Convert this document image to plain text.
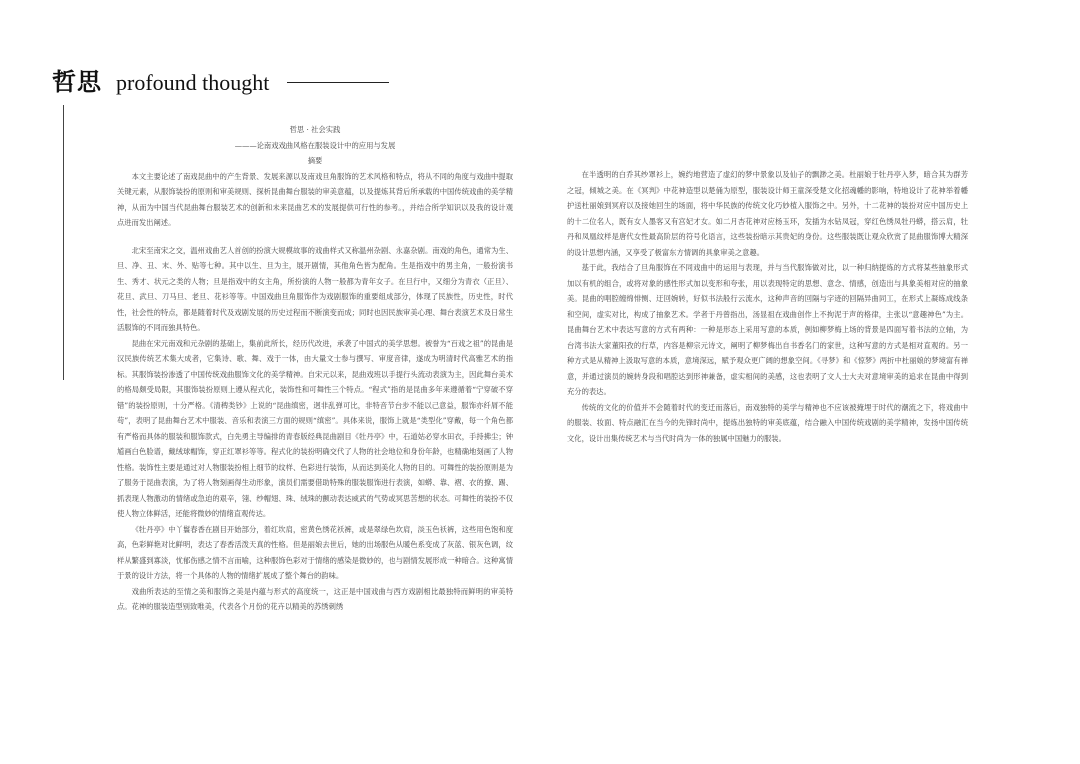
哲思 profound thought

哲思 · 社会实践

———论南戏戏曲风格在服装设计中的应用与发展

摘要

本文主要论述了南戏昆曲中的产生背景、发展来源以及南戏旦角服饰的艺术风格和特点，将从不同的角度与戏曲中提取关键元素，从服饰装扮的原则和审美规则、探析昆曲舞台服装的审美意蕴，以及提炼其背后所承载的中国传统戏曲的美学精神，从而为中国当代昆曲舞台服装艺术的创新和未来昆曲艺术的发展提供可行性的参考。，并结合所学知识以及我的设计观点进而发出阐述。

北宋至南宋之交，温州戏曲艺人首创的扮演大规模故事的戏曲样式又称温州杂剧、永嘉杂剧。南戏的角色，通常为生、旦、净、丑、末、外、贴等七种。其中以生、旦为主，展开剧情，其他角色皆为配角。生是指戏中的男主角，一般扮演书生、秀才、状元之类的人物；旦是指戏中的女主角，所扮演的人物一般都为青年女子。在旦行中，又细分为青衣（正旦）、花旦、武旦、刀马旦、老旦、花衫等等。中国戏曲旦角服饰作为戏剧服饰的重要组成部分，体现了民族性，历史性，时代性，社会性的特点，都是随着时代及戏剧发展的历史过程而不断演变而成；同时也因民族审美心理、舞台表演艺术及日常生活服饰的不同而独具特色。

昆曲在宋元南戏和元杂剧的基础上，集前此所长，经历代改进，承袭了中国式的美学思想。被誉为“百戏之祖”的昆曲是汉民族传统艺术集大成者，它集诗、歌、舞、戏于一体，由大量文士参与撰写、审度音律，遂成为明清时代高雅艺术的指标。其服饰装扮渗透了中国传统戏曲服饰文化的美学精神。自宋元以来，昆曲戏班以手提行头流动表演为主，因此舞台美术的格局颇受局限，其服饰装扮原则上遵从程式化，装饰性和可舞性三个特点。“程式”指的是昆曲多年来遵循着“宁穿破不穿错”的装扮原则，十分严格。《清稗类钞》上说的“昆曲缜密，迥非乱弹可比，非特音节台步不能以己意益，服饰亦纤屑不能苟”，表明了昆曲舞台艺术中服装、音乐和表演三方面的规则“缜密”。具体来说，服饰上就是“类型化”穿戴，每一个角色都有严格而具体的服装和服饰款式，白先勇主导编排的青春版经典昆曲剧目《牡丹亭》中，石道姑必穿水田衣，手持拂尘；钟馗画白色脸谱，戴绒球帽饰，穿正红罩衫等等。程式化的装扮明确交代了人物的社会地位和身份年龄，也精确地刻画了人物性格。装饰性主要是通过对人物服装扮相上细节的纹样、色彩进行装饰，从而达到美化人物的目的。可舞性的装扮原则是为了服务于昆曲表演，为了将人物刻画得生动形象，演员们需要借助特殊的服装服饰进行表演，如蟒、靠、褶、衣的撩、踢、抓表现人物激动的情绪或急迫的艰辛，翎、纱帽翅、珠、绒珠的颤动表达威武的气势或冥思苦想的状态。可舞性的装扮不仅使人物立体鲜活，还能将微妙的情绪直观传达。

《牡丹亭》中丫鬟春香在剧目开始部分，着红坎肩，密黄色绣花袄裤，或是翠绿色坎肩，淡玉色袄裤，这些用色饱和度高，色彩鲜艳对比鲜明，表达了春香活泼天真的性格。但是丽娘去世后，她的出场服色从暖色系变成了灰蓝、银灰色调，纹样从繁盛到寡淡，忧郁伤感之情不言而喻，这种服饰色彩对于情绪的感染是微妙的，也与剧情发展形成一种暗合。这种寓情于景的设计方法，将一个具体的人物的情绪扩展成了整个舞台的韵味。

戏曲所表达的至情之美和服饰之美是内蕴与形式的高度统一，这正是中国戏曲与西方戏剧相比最独特而鲜明的审美特点。花神的服装造型别致唯美，代表各个月份的花卉以精美的苏绣刺绣

在半透明的白乔其纱罩衫上，婉约地营造了虚幻的梦中景象以及仙子的飘渺之美。杜丽娘于牡丹亭入梦，暗合其为群芳之冠，倾城之美。在《冥判》中花神造型以楚俑为原型，服装设计师王童深受楚文化招魂幡的影响，特地设计了花神举着幡护送杜丽娘到冥府以及接她回生的场面，将中华民族的传统文化巧妙植入服饰之中。另外，十二花神的装扮对应中国历史上的十二位名人，既有女人墨客又有宫妃才女。如二月杏花神对应杨玉环，发插为水钻凤冠，穿红色绣凤牡丹蟒，搭云肩，牡丹和凤凰纹样是唐代女性最高阶层的符号化语言，这些装扮暗示其贵妃的身份。这些服装既让观众欣赏了昆曲服饰博大精深的设计思想内涵，又享受了极富东方情调的具象审美之意趣。

基于此，我结合了旦角服饰在不同戏曲中的运用与表现，并与当代服饰做对比，以一种归纳提炼的方式将某些抽象形式加以有机的组合，或将对象的感性形式加以变形和夸张，用以表现特定的思想、意念、情感，创造出与具象美相对应的抽象美。昆曲的唱腔缠绵悱恻、迂回婉转，好似书法般行云流水，这种声音的回隔与字迹的回隔异曲同工，在形式上凝练成线条和空间，虚实对比，构成了抽象艺术。学者于丹曾指出，汤显祖在戏曲创作上不拘泥于声的格律，主张以“意趣神色”为主。昆曲舞台艺术中表达写意的方式有两种：一种是形态上采用写意的本质，例如柳梦梅上场的背景是四面写着书法的立轴，为台湾书法大家董阳孜的行草，内容是柳宗元诗文，阐明了柳梦梅出自书香名门的家世，这种写意的方式是相对直观的。另一种方式是从精神上汲取写意的本质，意境深远，赋予观众更广阔的想象空间。《寻梦》和《惊梦》两折中杜丽娘的梦境富有禅意，并通过演员的婉转身段和唱腔达到形神兼备，虚实相间的美感，这也表明了文人士大夫对意境审美的追求在昆曲中得到充分的表达。

传统的文化的价值并不会随着时代的变迁而落后，南戏独特的美学与精神也不应该被掩埋于时代的潮流之下，将戏曲中的服装、妆面、特点融汇在当今的先锋时尚中，提炼出独特的审美底蕴，结合融入中国传统戏剧的美学精神，发扬中国传统文化，设计出集传统艺术与当代时尚为一体的独属中国魅力的服装。
